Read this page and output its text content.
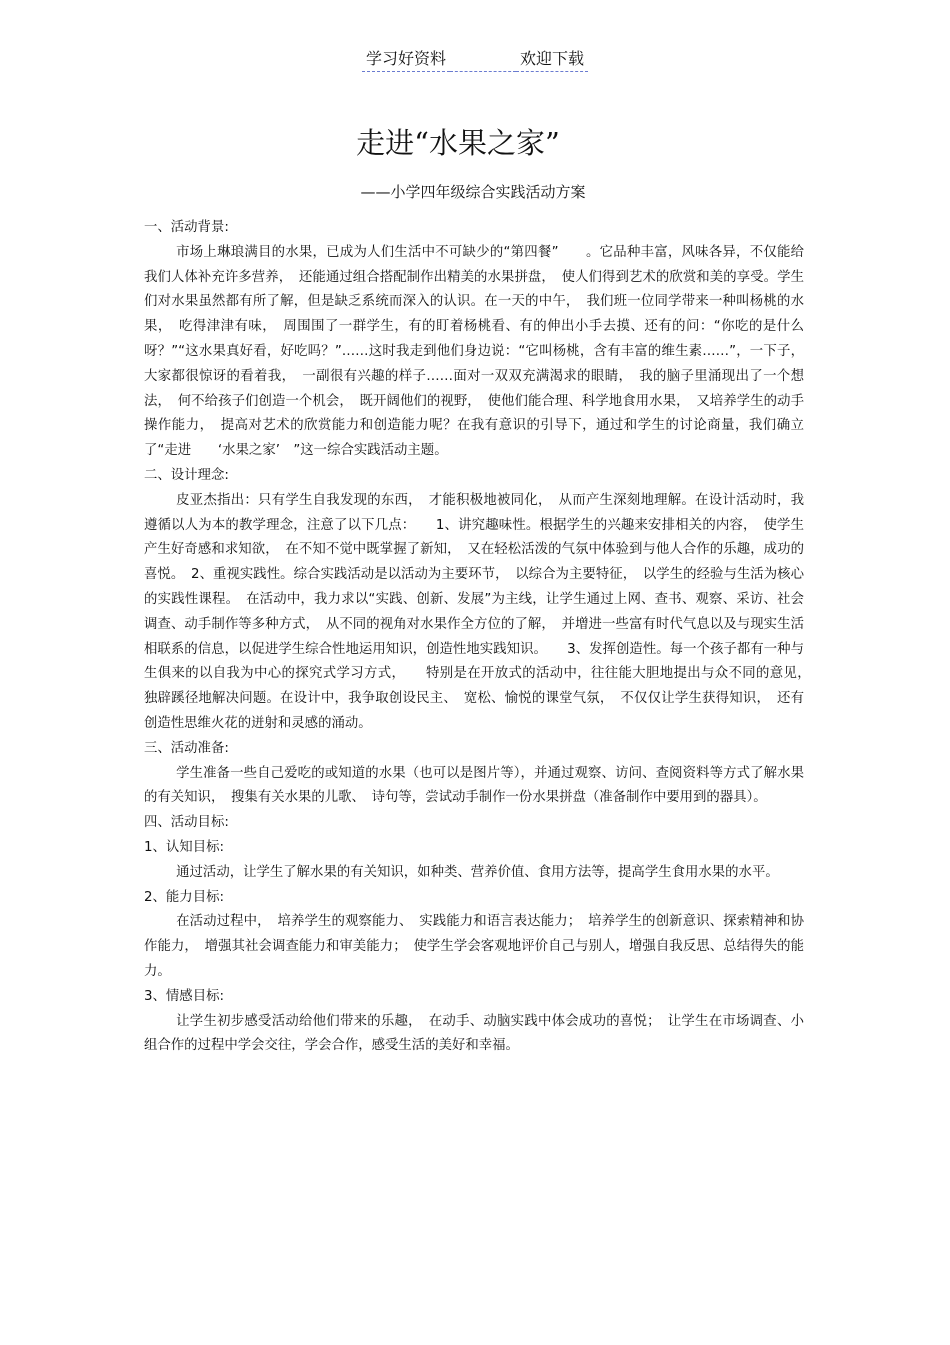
学习好资料	欢迎下载
走进“水果之家”
——小学四年级综合实践活动方案

一、活动背景:

市场上琳琅满目的水果，已成为人们生活中不可缺少的“第四餐”　　。它品种丰富，风味各异，不仅能给我们人体补充许多营养，　还能通过组合搭配制作出精美的水果拼盘，　使人们得到艺术的欣赏和美的享受。学生们对水果虽然都有所了解，但是缺乏系统而深入的认识。在一天的中午，　我们班一位同学带来一种叫杨桃的水果，　吃得津津有味，　周围围了一群学生，有的盯着杨桃看、有的伸出小手去摸、还有的问：“你吃的是什么呀？”“这水果真好看，好吃吗？”……这时我走到他们身边说：“它叫杨桃，含有丰富的维生素……”，一下子，大家都很惊讶的看着我，　一副很有兴趣的样子……面对一双双充满渴求的眼睛，　我的脑子里涌现出了一个想法，　何不给孩子们创造一个机会，　既开阔他们的视野，　使他们能合理、科学地食用水果，　又培养学生的动手操作能力，　提高对艺术的欣赏能力和创造能力呢？在我有意识的引导下，通过和学生的讨论商量，我们确立了“走进　　‘水果之家’　”这一综合实践活动主题。

二、设计理念:

皮亚杰指出：只有学生自我发现的东西，　才能积极地被同化，　从而产生深刻地理解。在设计活动时，我遵循以人为本的教学理念，注意了以下几点：　　1、讲究趣味性。根据学生的兴趣来安排相关的内容，　使学生产生好奇感和求知欲，　在不知不觉中既掌握了新知，　又在轻松活泼的气氛中体验到与他人合作的乐趣，成功的喜悦。　2、重视实践性。综合实践活动是以活动为主要环节，　以综合为主要特征，　以学生的经验与生活为核心的实践性课程。　在活动中，我力求以“实践、创新、发展”为主线，让学生通过上网、查书、观察、采访、社会调查、动手制作等多种方式，　从不同的视角对水果作全方位的了解，　并增进一些富有时代气息以及与现实生活相联系的信息，以促进学生综合性地运用知识，创造性地实践知识。　　3、发挥创造性。每一个孩子都有一种与生俱来的以自我为中心的探究式学习方式，　　特别是在开放式的活动中，往往能大胆地提出与众不同的意见，　独辟蹊径地解决问题。在设计中，我争取创设民主、　宽松、愉悦的课堂气氛，　不仅仅让学生获得知识，　还有创造性思维火花的迸射和灵感的涌动。

三、活动准备:

学生准备一些自己爱吃的或知道的水果（也可以是图片等），并通过观察、访问、查阅资料等方式了解水果的有关知识，　搜集有关水果的儿歌、　诗句等，尝试动手制作一份水果拼盘（准备制作中要用到的器具）。

四、活动目标:

1、认知目标:

通过活动，让学生了解水果的有关知识，如种类、营养价值、食用方法等，提高学生食用水果的水平。

2、能力目标:

在活动过程中，　培养学生的观察能力、　实践能力和语言表达能力；　培养学生的创新意识、探索精神和协作能力，　增强其社会调查能力和审美能力；　使学生学会客观地评价自己与别人，增强自我反思、总结得失的能力。

3、情感目标:

让学生初步感受活动给他们带来的乐趣，　在动手、动脑实践中体会成功的喜悦；　让学生在市场调查、小组合作的过程中学会交往，学会合作，感受生活的美好和幸福。
